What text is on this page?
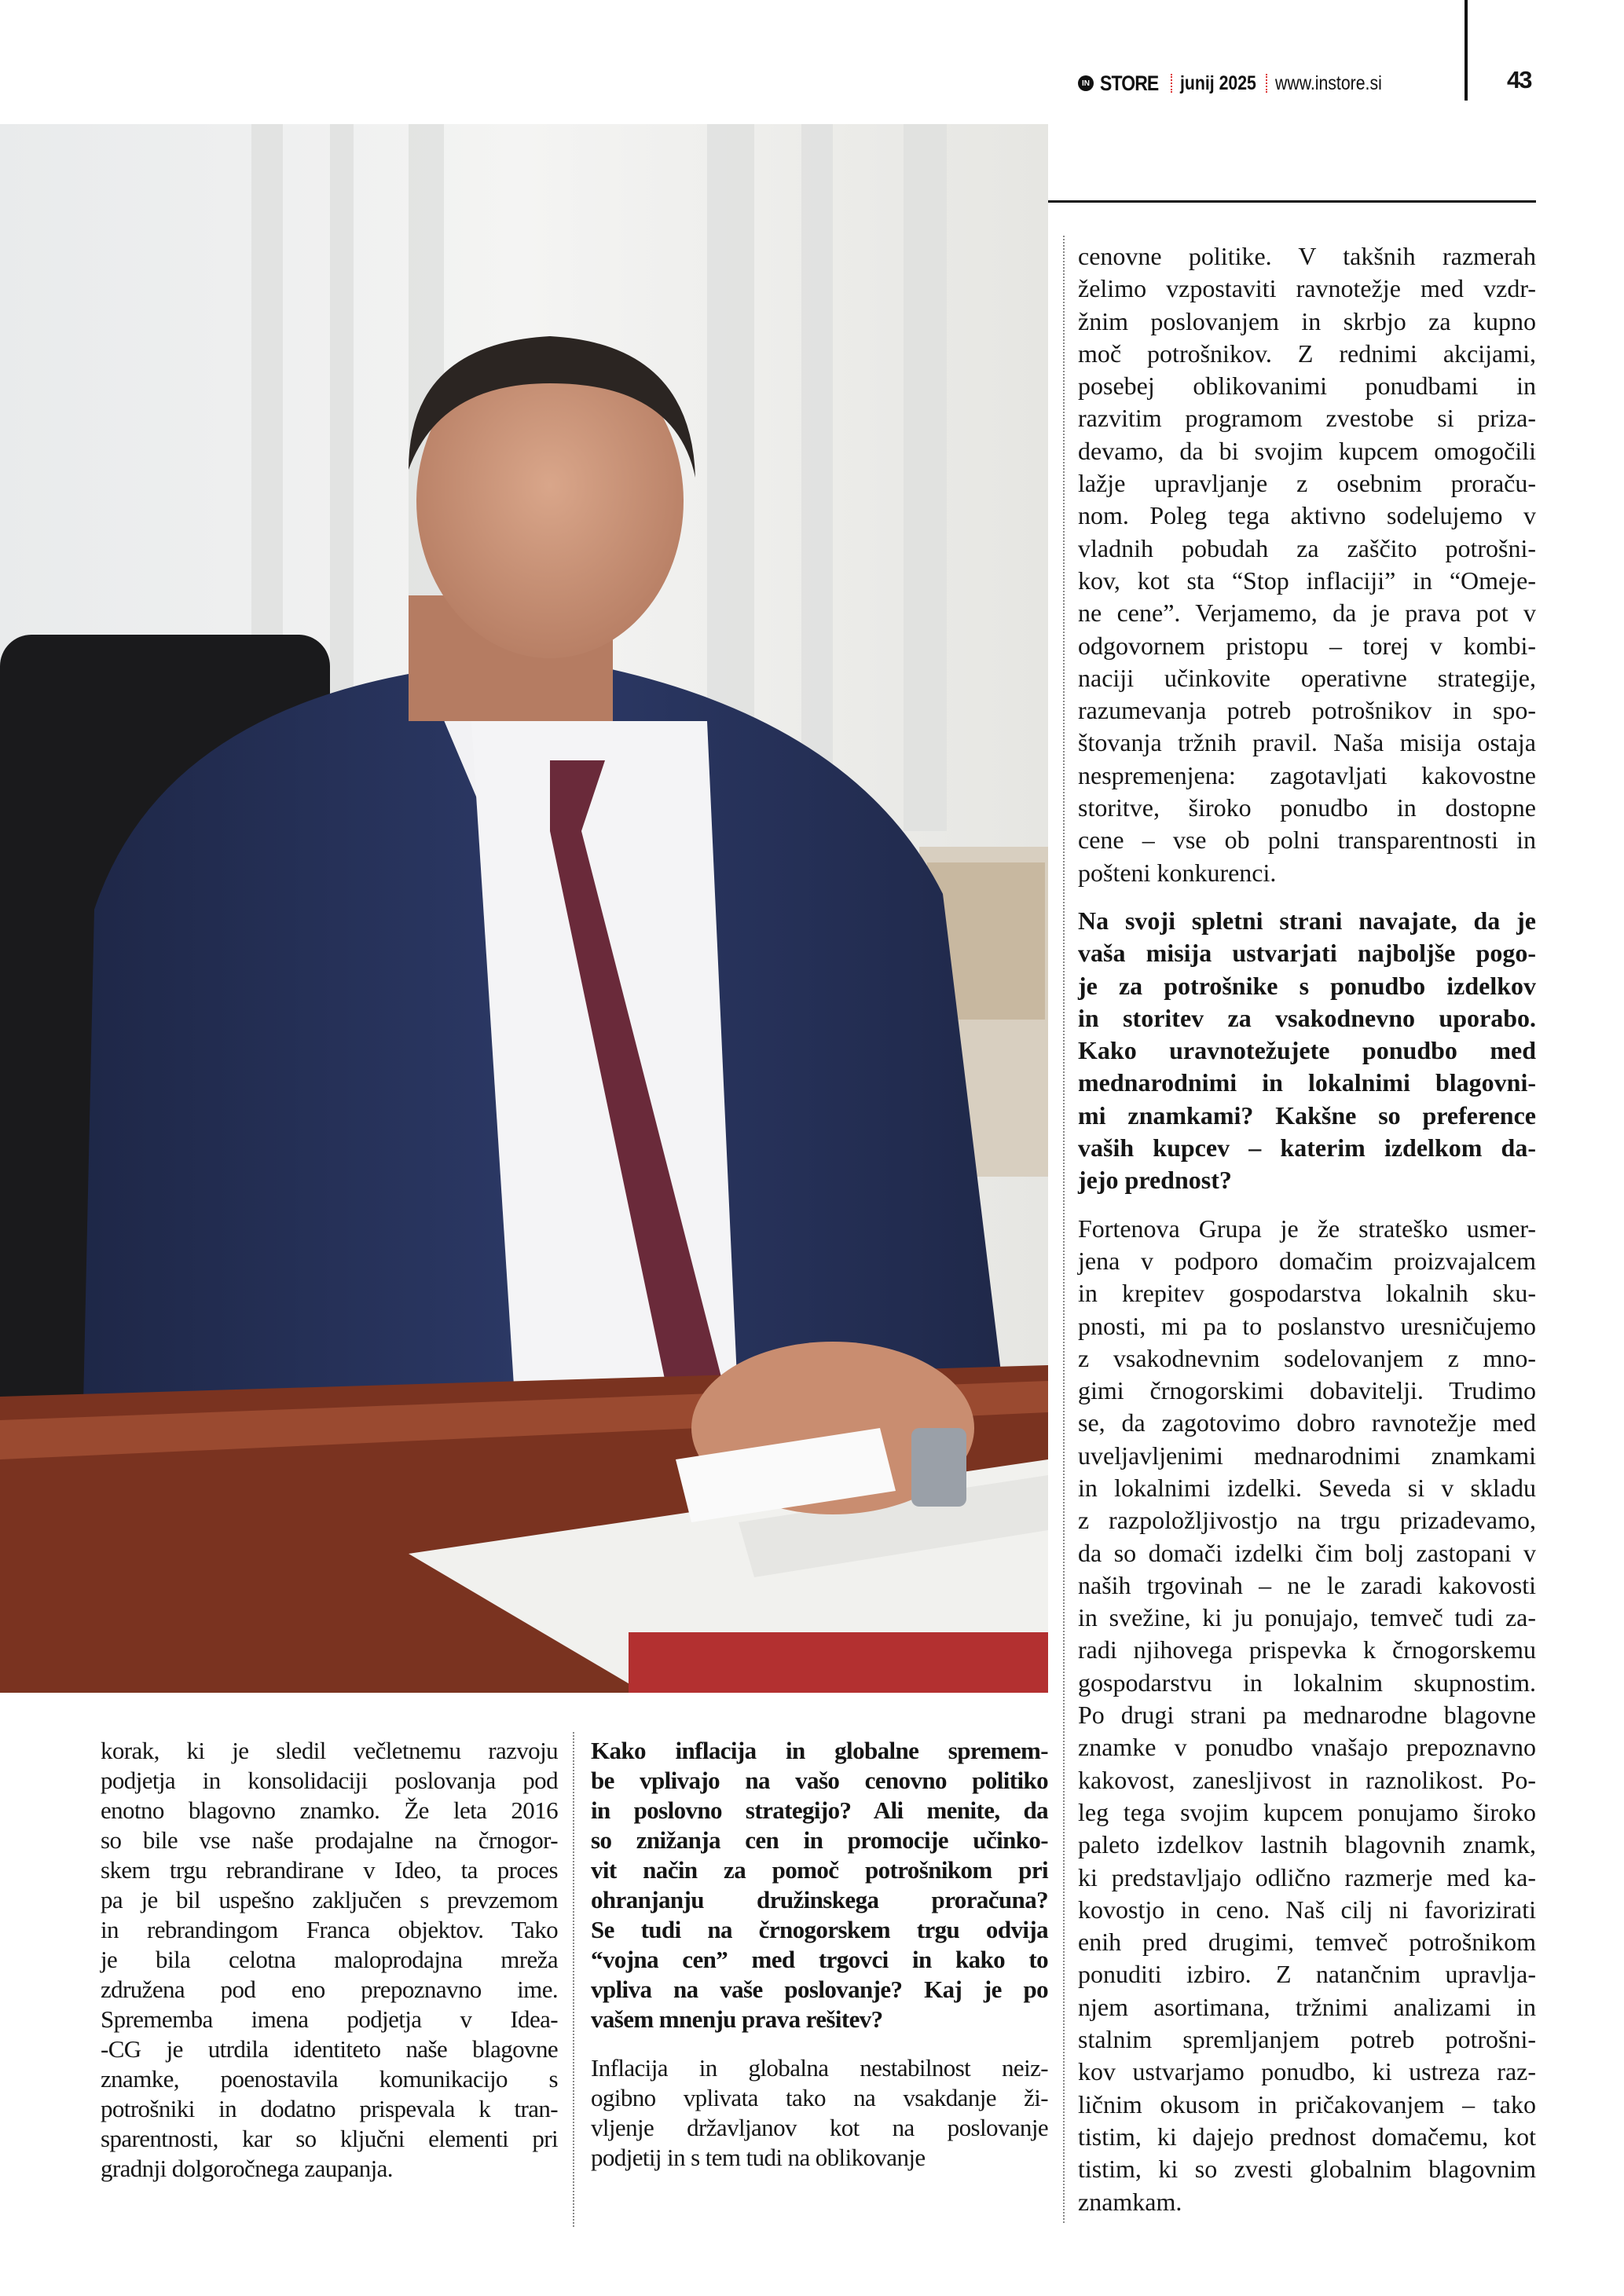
IN STORE junij 2025 www.instore.si	43
cenovne politike. V takšnih razmerah
želimo vzpostaviti ravnotežje med vzdr-
žnim poslovanjem in skrbjo za kupno
moč potrošnikov. Z rednimi akcijami,
posebej oblikovanimi ponudbami in
razvitim programom zvestobe si priza-
devamo, da bi svojim kupcem omogočili
lažje upravljanje z osebnim proraču-
nom. Poleg tega aktivno sodelujemo v
vladnih pobudah za zaščito potrošni-
kov, kot sta “Stop inflaciji” in “Omeje-
ne cene”. Verjamemo, da je prava pot v
odgovornem pristopu – torej v kombi-
naciji učinkovite operativne strategije,
razumevanja potreb potrošnikov in spo-
štovanja tržnih pravil. Naša misija ostaja
nespremenjena: zagotavljati kakovostne
storitve, široko ponudbo in dostopne
cene – vse ob polni transparentnosti in
pošteni konkurenci.
Na svoji spletni strani navajate, da je
vaša misija ustvarjati najboljše pogo-
je za potrošnike s ponudbo izdelkov
in storitev za vsakodnevno uporabo.
Kako uravnotežujete ponudbo med
mednarodnimi in lokalnimi blagovni-
mi znamkami? Kakšne so preference
vaših kupcev – katerim izdelkom da-
jejo prednost?
Fortenova Grupa je že strateško usmer-
jena v podporo domačim proizvajalcem
in krepitev gospodarstva lokalnih sku-
pnosti, mi pa to poslanstvo uresničujemo
z vsakodnevnim sodelovanjem z mno-
gimi črnogorskimi dobavitelji. Trudimo
se, da zagotovimo dobro ravnotežje med
uveljavljenimi mednarodnimi znamkami
in lokalnimi izdelki. Seveda si v skladu
z razpoložljivostjo na trgu prizadevamo,
da so domači izdelki čim bolj zastopani v
naših trgovinah – ne le zaradi kakovosti
in svežine, ki ju ponujajo, temveč tudi za-
radi njihovega prispevka k črnogorskemu
gospodarstvu in lokalnim skupnostim.
Po drugi strani pa mednarodne blagovne
znamke v ponudbo vnašajo prepoznavno
kakovost, zanesljivost in raznolikost. Po-
leg tega svojim kupcem ponujamo široko
paleto izdelkov lastnih blagovnih znamk,
ki predstavljajo odlično razmerje med ka-
kovostjo in ceno. Naš cilj ni favorizirati
enih pred drugimi, temveč potrošnikom
ponuditi izbiro. Z natančnim upravlja-
njem asortimana, tržnimi analizami in
stalnim spremljanjem potreb potrošni-
kov ustvarjamo ponudbo, ki ustreza raz-
ličnim okusom in pričakovanjem – tako
tistim, ki dajejo prednost domačemu, kot
tistim, ki so zvesti globalnim blagovnim
znamkam.
korak, ki je sledil večletnemu razvoju
podjetja in konsolidaciji poslovanja pod
enotno blagovno znamko. Že leta 2016
so bile vse naše prodajalne na črnogor-
skem trgu rebrandirane v Ideo, ta proces
pa je bil uspešno zaključen s prevzemom
in rebrandingom Franca objektov. Tako
je bila celotna maloprodajna mreža
združena pod eno prepoznavno ime.
Sprememba imena podjetja v Idea-
-CG je utrdila identiteto naše blagovne
znamke, poenostavila komunikacijo s
potrošniki in dodatno prispevala k tran-
sparentnosti, kar so ključni elementi pri
gradnji dolgoročnega zaupanja.
Kako inflacija in globalne spremem-
be vplivajo na vašo cenovno politiko
in poslovno strategijo? Ali menite, da
so znižanja cen in promocije učinko-
vit način za pomoč potrošnikom pri
ohranjanju družinskega proračuna?
Se tudi na črnogorskem trgu odvija
“vojna cen” med trgovci in kako to
vpliva na vaše poslovanje? Kaj je po
vašem mnenju prava rešitev?
Inflacija in globalna nestabilnost neiz-
ogibno vplivata tako na vsakdanje ži-
vljenje državljanov kot na poslovanje
podjetij in s tem tudi na oblikovanje
